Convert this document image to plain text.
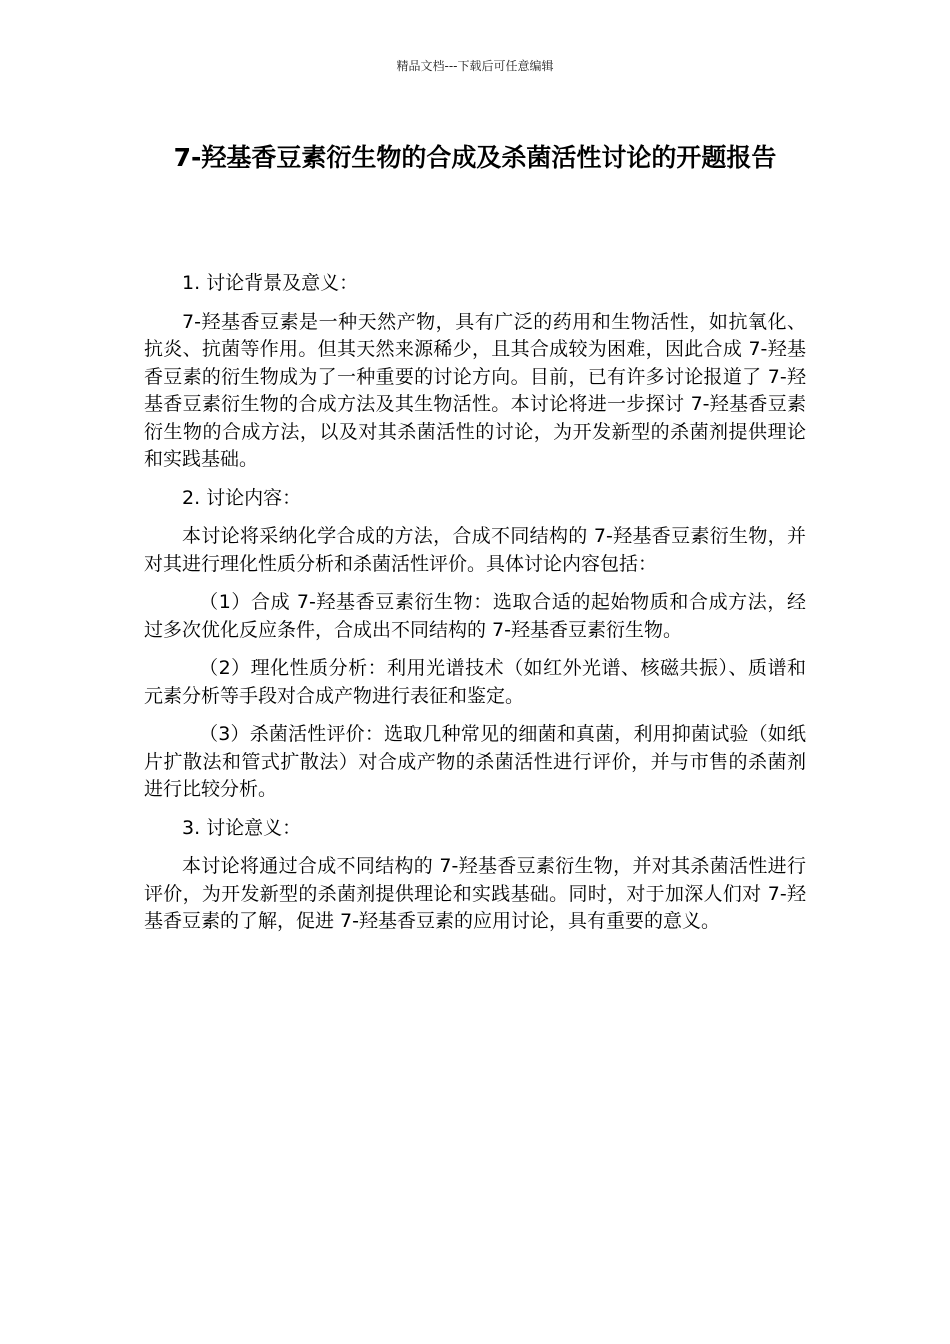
精品文档---下载后可任意编辑
7-羟基香豆素衍生物的合成及杀菌活性讨论的开题报告

1. 讨论背景及意义：

7-羟基香豆素是一种天然产物，具有广泛的药用和生物活性，如抗氧化、抗炎、抗菌等作用。但其天然来源稀少，且其合成较为困难，因此合成 7-羟基香豆素的衍生物成为了一种重要的讨论方向。目前，已有许多讨论报道了 7-羟基香豆素衍生物的合成方法及其生物活性。本讨论将进一步探讨 7-羟基香豆素衍生物的合成方法，以及对其杀菌活性的讨论，为开发新型的杀菌剂提供理论和实践基础。

2. 讨论内容：

本讨论将采纳化学合成的方法，合成不同结构的 7-羟基香豆素衍生物，并对其进行理化性质分析和杀菌活性评价。具体讨论内容包括：

（1）合成 7-羟基香豆素衍生物：选取合适的起始物质和合成方法，经过多次优化反应条件，合成出不同结构的 7-羟基香豆素衍生物。

（2）理化性质分析：利用光谱技术（如红外光谱、核磁共振）、质谱和元素分析等手段对合成产物进行表征和鉴定。

（3）杀菌活性评价：选取几种常见的细菌和真菌，利用抑菌试验（如纸片扩散法和管式扩散法）对合成产物的杀菌活性进行评价，并与市售的杀菌剂进行比较分析。

3. 讨论意义：

本讨论将通过合成不同结构的 7-羟基香豆素衍生物，并对其杀菌活性进行评价，为开发新型的杀菌剂提供理论和实践基础。同时，对于加深人们对 7-羟基香豆素的了解，促进 7-羟基香豆素的应用讨论，具有重要的意义。
